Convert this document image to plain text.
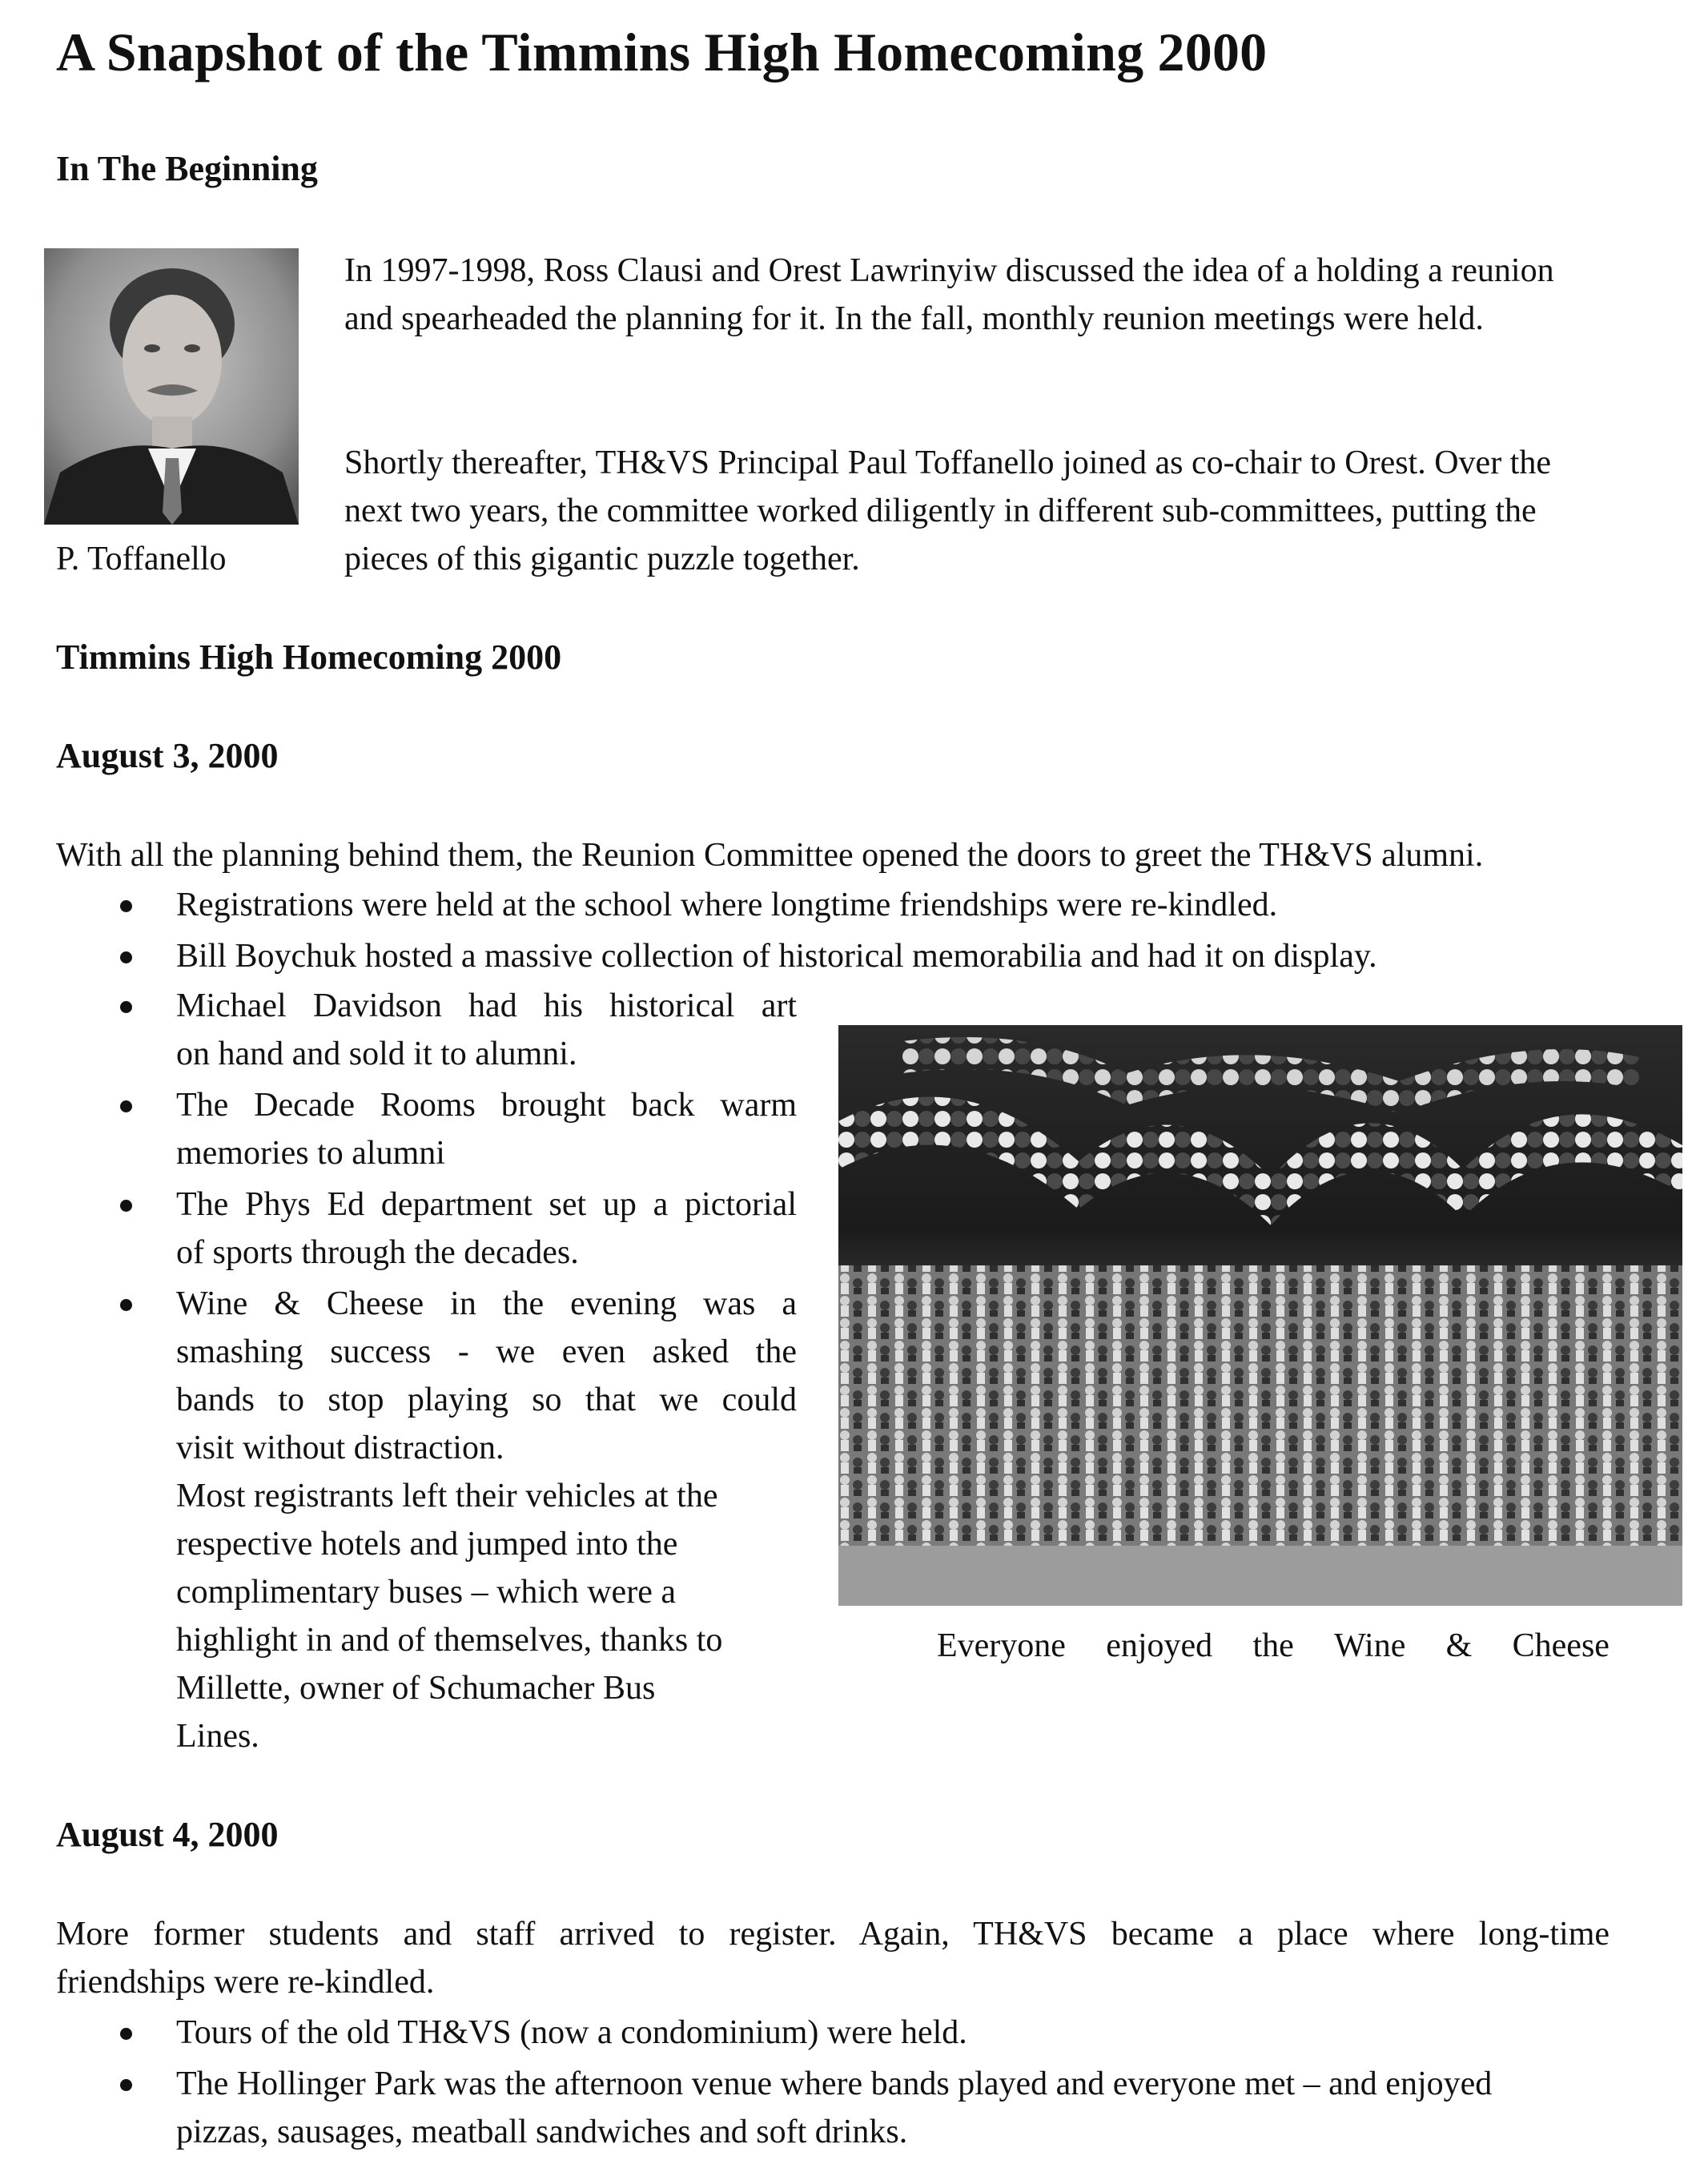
A Snapshot of the Timmins High Homecoming 2000
In The Beginning
P. Toffanello

In 1997-1998, Ross Clausi and Orest Lawrinyiw discussed the idea of a holding a reunion and spearheaded the planning for it. In the fall, monthly reunion meetings were held.

Shortly thereafter, TH&VS Principal Paul Toffanello joined as co-chair to Orest. Over the next two years, the committee worked diligently in different sub-committees, putting the pieces of this gigantic puzzle together.

Timmins High Homecoming 2000
August 3, 2000

With all the planning behind them, the Reunion Committee opened the doors to greet the TH&VS alumni.

Registrations were held at the school where longtime friendships were re-kindled.
Bill Boychuk hosted a massive collection of historical memorabilia and had it on display.
Michael Davidson had his historical art
on hand and sold it to alumni.
The Decade Rooms brought back warm
memories to alumni
The Phys Ed department set up a pictorial
of sports through the decades.
Wine & Cheese in the evening was a
smashing success - we even asked the
bands to stop playing so that we could
visit without distraction.
Most registrants left their vehicles at the
respective hotels and jumped into the
complimentary buses – which were a
highlight in and of themselves, thanks to
Millette, owner of Schumacher Bus
Lines.
Everyone enjoyed the Wine & Cheese
August 4, 2000
More former students and staff arrived to register. Again, TH&VS became a place where long-time
friendships were re-kindled.
Tours of the old TH&VS (now a condominium) were held.
The Hollinger Park was the afternoon venue where bands played and everyone met – and enjoyed
pizzas, sausages, meatball sandwiches and soft drinks.
